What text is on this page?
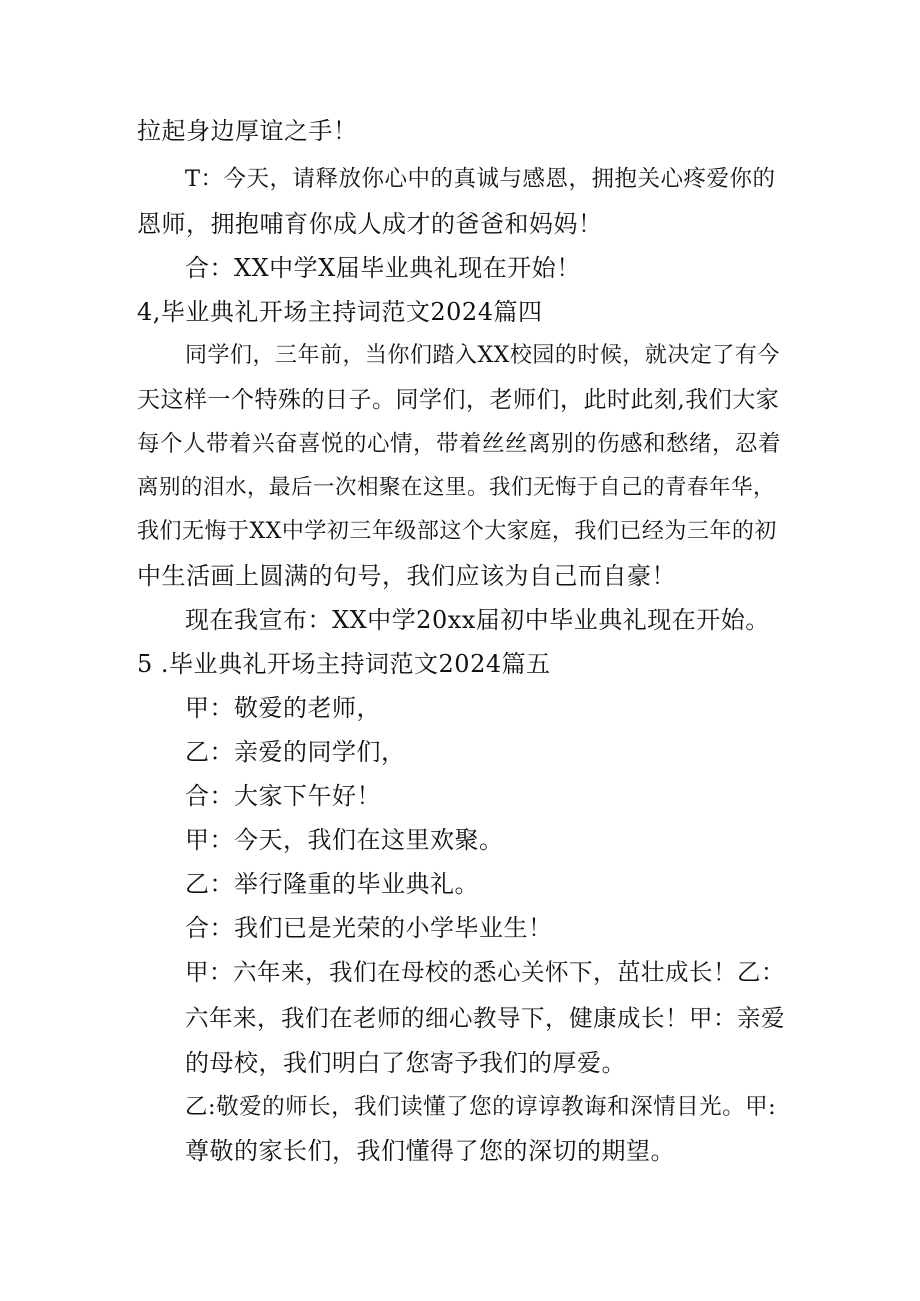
拉起身边厚谊之手！
T：今天，请释放你心中的真诚与感恩，拥抱关心疼爱你的
恩师，拥抱哺育你成人成才的爸爸和妈妈！
合：XX中学X届毕业典礼现在开始！
4,毕业典礼开场主持词范文2024篇四
同学们，三年前，当你们踏入XX校园的时候，就决定了有今
天这样一个特殊的日子。同学们，老师们，此时此刻,我们大家
每个人带着兴奋喜悦的心情，带着丝丝离别的伤感和愁绪，忍着
离别的泪水，最后一次相聚在这里。我们无悔于自己的青春年华，
我们无悔于XX中学初三年级部这个大家庭，我们已经为三年的初
中生活画上圆满的句号，我们应该为自己而自豪！
现在我宣布：XX中学20xx届初中毕业典礼现在开始。
5 .毕业典礼开场主持词范文2024篇五
甲：敬爱的老师，
乙：亲爱的同学们，
合：大家下午好！
甲：今天，我们在这里欢聚。
乙：举行隆重的毕业典礼。
合：我们已是光荣的小学毕业生！
甲：六年来，我们在母校的悉心关怀下，茁壮成长！乙：
六年来，我们在老师的细心教导下，健康成长！甲：亲爱
的母校，我们明白了您寄予我们的厚爱。
乙:敬爱的师长，我们读懂了您的谆谆教诲和深情目光。甲:
尊敬的家长们，我们懂得了您的深切的期望。
